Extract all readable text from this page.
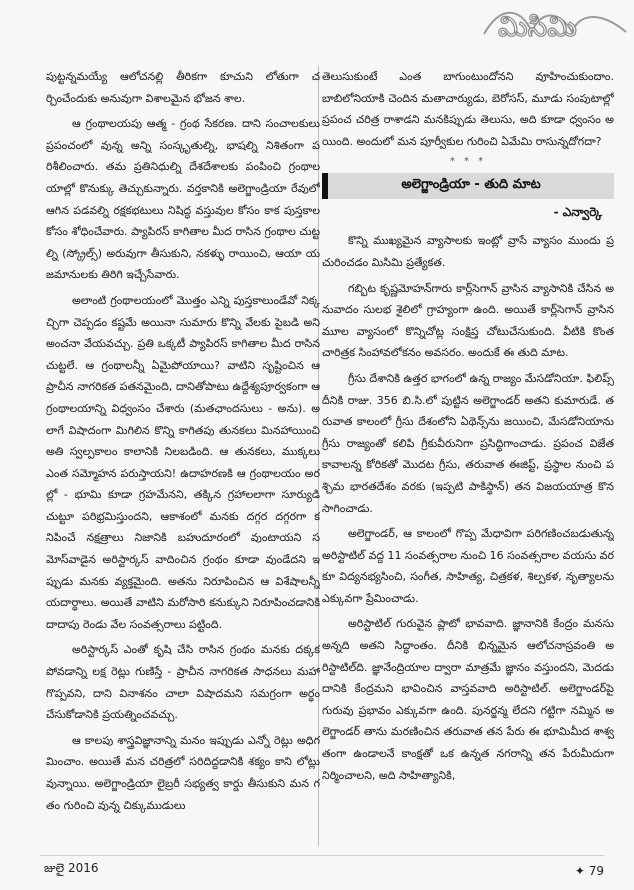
మిసిమి

పుట్టన్నమయ్యే ఆలోచనల్లి తీరికగా కూచుని లోతుగా చర్చించేందుకు అనువుగా విశాలమైన భోజన శాల.

ఆ గ్రంథాలయపు ఆత్మ - గ్రంథ సేకరణ. దాని సంచాలకులు ప్రపంచంలో వున్న అన్ని సంస్కృతుల్ని, భాషల్ని నిశితంగా పరిశీలించారు. తమ ప్రతినిధుల్ని దేశదేశాలకు పంపించి గ్రంథాలయాల్లో కొనుక్కు తెచ్చుకున్నారు. వర్తకానికి అలెగ్జాండ్రియా రేవులో ఆగిన పడవల్ని రక్షకభటులు నిషిద్ధ వస్తువుల కోసం కాక పుస్తకాల కోసం శోధించేవారు. ప్యాపిరస్ కాగితాల మీద రాసిన గ్రంథాల చుట్టల్ని (స్క్రోల్స్) అరువుగా తీసుకుని, నకళ్ళు రాయించి, ఆయా యజమానులకు తిరిగి ఇచ్చేసేవారు.

అలాంటి గ్రంథాలయంలో మొత్తం ఎన్ని పుస్తకాలుండేవో నిక్కచ్చిగా చెప్పడం కష్టమే అయినా సుమారు కొన్ని వేలకు పైబడి అని అంచనా వేయవచ్చు. ప్రతి ఒక్కటీ ప్యాపిరస్ కాగితాల మీద రాసిన చుట్టలే. ఆ గ్రంథాలన్నీ ఏమైపోయాయి? వాటిని సృష్టించిన ఆ ప్రాచీన నాగరికత పతనమైంది, దానితోపాటు ఉద్దేశ్యపూర్వకంగా ఆ గ్రంథాలయాన్ని విధ్వంసం చేశారు (మతఛాందసులు - అను). అలాగే విషాదంగా మిగిలిన కొన్ని కాగితపు తునకలు మినహాయించి అతి స్వల్పకాలం కాలానికి నిలబడింది. ఆ తునకలు, ముక్కలు ఎంత సమ్మోహన పరుస్తాయని! ఉదాహరణకి ఆ గ్రంథాలయం అరల్లో - భూమి కూడా గ్రహమేనని, తక్కిన గ్రహాలలాగా సూర్యుడి చుట్టూ పరిభ్రమిస్తుందని, ఆకాశంలో మనకు దగ్గర దగ్గరగా కనిపించే నక్షత్రాలు నిజానికి బహుదూరంలో వుంటాయని సమోస్‌వాడైన అరిస్టార్కస్ వాదించిన గ్రంథం కూడా వుండేదని ఇప్పుడు మనకు వ్యక్తమైంది. అతను నిరూపించిన ఆ విశేషాలన్నీ యదార్థాలు. అయితే వాటిని మరోసారి కనుక్కుని నిరూపించడానికి దాదాపు రెండు వేల సంవత్సరాలు పట్టింది.

అరిస్టార్కస్ ఎంతో కృషి చేసి రాసిన గ్రంథం మనకు దక్కకపోవడాన్ని లక్ష రెట్లు గుణిస్తే - ప్రాచీన నాగరికత సాధనలు మహా గొప్పవని, దాని వినాశనం చాలా విషాదమని సమగ్రంగా అర్థం చేసుకోడానికి ప్రయత్నించవచ్చు.

ఆ కాలపు శాస్త్రవిజ్ఞానాన్ని మనం ఇప్పుడు ఎన్నో రెట్లు అధిగమించాం. అయితే మన చరిత్రలో సరిదిద్దడానికి శక్యం కాని లోట్లు వున్నాయి. అలెగ్జాండ్రియా లైబ్రరీ సభ్యత్వ కార్డు తీసుకుని మన గతం గురించి వున్న చిక్కుముడులు

తెలుసుకుంటే ఎంత బాగుంటుందోనని వూహించుకుందాం. బాబిలోనియాకి చెందిన మతాచార్యుడు, బెరోసస్, మూడు సంపుటాల్లో ప్రపంచ చరిత్ర రాశాడని మనకిప్పుడు తెలుసు, అది కూడా ధ్వంసం అయింది. అందులో మన పూర్వీకుల గురించి ఏమేమి రాసున్నదోగదా?

* * *
అలెగ్జాండ్రియా - తుది మాట
- ఎన్వార్కె

కొన్ని ముఖ్యమైన వ్యాసాలకు ఇంట్లో వ్రాసే వ్యాసం ముందు ప్రచురించడం మిసిమి ప్రత్యేకత.

గబ్బిట కృష్ణమోహన్‌గారు కార్ల్‌సెగాన్ వ్రాసిన వ్యాసానికి చేసిన అనువాదం సులభ శైలిలో గ్రాహ్యంగా ఉంది. అయితే కార్ల్‌సెగాన్ వ్రాసిన మూల వ్యాసంలో కొన్నిచోట్ల సంక్షిప్త చోటుచేసుకుంది. వీటికి కొంత చారిత్రక సింహావలోకనం అవసరం. అందుకే ఈ తుది మాట.

గ్రీసు దేశానికి ఉత్తర భాగంలో ఉన్న రాజ్యం మేసడోనియా. ఫిలిప్స్ దీనికి రాజు. 356 బి.సి.లో పుట్టిన అలెగ్జాండర్ అతని కుమారుడే. తరువాత కాలంలో గ్రీసు దేశంలోని ఏథెన్స్‌ను జయించి, మేసడోనియాను గ్రీసు రాజ్యంతో కలిపి గ్రీకువీరునిగా ప్రసిద్ధిగాంచాడు. ప్రపంచ విజేత కావాలన్న కోరికతో మొదట గ్రీసు, తరువాత ఈజిప్ట్, ప్రస్థాల నుంచి పశ్చిమ భారతదేశం వరకు (ఇప్పటి పాకిస్థాన్) తన విజయయాత్ర కొనసాగించాడు.

అలెగ్జాండర్, ఆ కాలంలో గొప్ప మేధావిగా పరిగణించబడుతున్న అరిస్టాటిల్ వద్ద 11 సంవత్సరాల నుంచి 16 సంవత్సరాల వయసు వరకూ విద్యనభ్యసించి, సంగీత, సాహిత్య, చిత్రకళ, శిల్పకళ, నృత్యాలను ఎక్కువగా ప్రేమించాడు.

అరిస్టాటిల్ గురువైన ప్లాటో భావవాది. జ్ఞానానికి కేంద్రం మనసు అన్నది అతని సిద్ధాంతం. దీనికి భిన్నమైన ఆలోచనాస్రవంతి అరిస్టాటిల్‌ది. జ్ఞానేంద్రియాల ద్వారా మాత్రమే జ్ఞానం వస్తుందని, మెదడు దానికి కేంద్రమని భావించిన వాస్తవవాది అరిస్టాటిల్. అలెగ్జాండర్‌పై గురువు ప్రభావం ఎక్కువగా ఉంది. పునర్జన్మ లేదని గట్టిగా నమ్మిన అలెగ్జాండర్ తాను మరణించిన తరువాత తన పేరు ఈ భూమిమీద శాశ్వతంగా ఉండాలనే కాంక్షతో ఒక ఉన్నత నగరాన్ని తన పేరుమీదుగా నిర్మించాలని, అది సాహిత్యానికి,

జులై 2016	✦ 79
